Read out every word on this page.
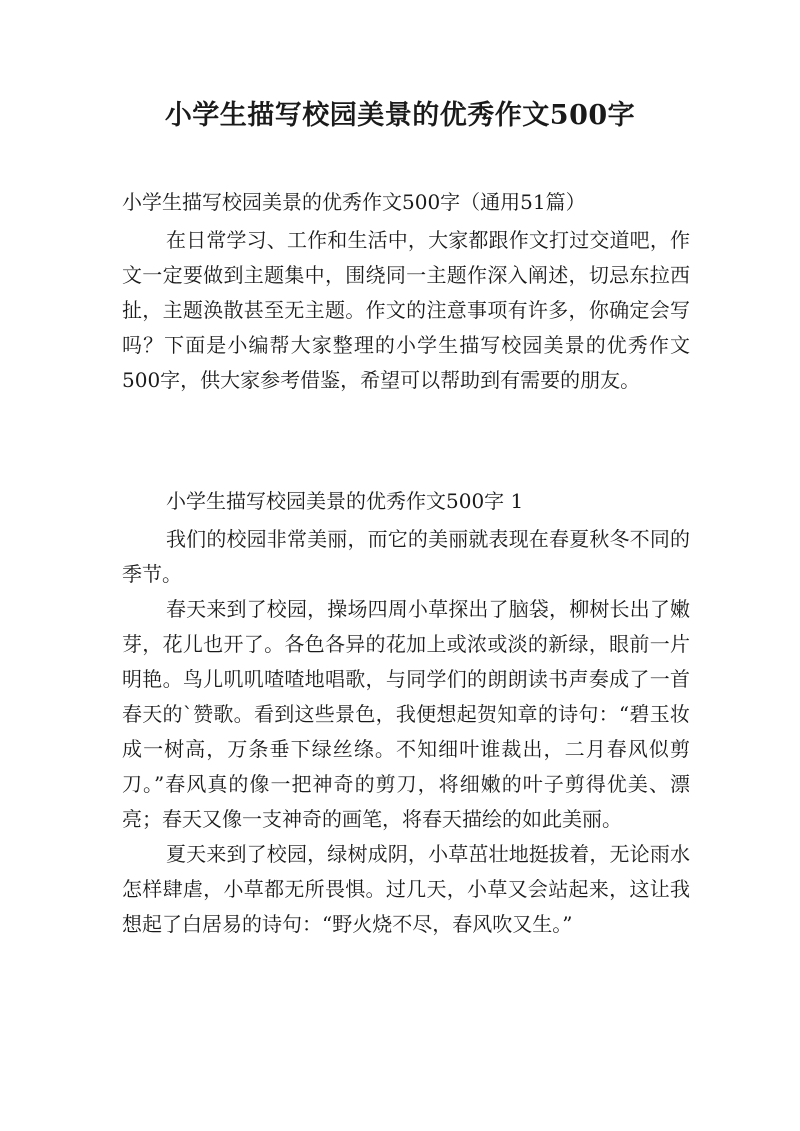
小学生描写校园美景的优秀作文500字
小学生描写校园美景的优秀作文500字（通用51篇）
在日常学习、工作和生活中，大家都跟作文打过交道吧，作文一定要做到主题集中，围绕同一主题作深入阐述，切忌东拉西扯，主题涣散甚至无主题。作文的注意事项有许多，你确定会写吗？下面是小编帮大家整理的小学生描写校园美景的优秀作文500字，供大家参考借鉴，希望可以帮助到有需要的朋友。
小学生描写校园美景的优秀作文500字 1

我们的校园非常美丽，而它的美丽就表现在春夏秋冬不同的季节。

春天来到了校园，操场四周小草探出了脑袋，柳树长出了嫩芽，花儿也开了。各色各异的花加上或浓或淡的新绿，眼前一片明艳。鸟儿叽叽喳喳地唱歌，与同学们的朗朗读书声奏成了一首春天的`赞歌。看到这些景色，我便想起贺知章的诗句：“碧玉妆成一树高，万条垂下绿丝绦。不知细叶谁裁出，二月春风似剪刀。”春风真的像一把神奇的剪刀，将细嫩的叶子剪得优美、漂亮；春天又像一支神奇的画笔，将春天描绘的如此美丽。

夏天来到了校园，绿树成阴，小草茁壮地挺拔着，无论雨水怎样肆虐，小草都无所畏惧。过几天，小草又会站起来，这让我想起了白居易的诗句：“野火烧不尽，春风吹又生。”
